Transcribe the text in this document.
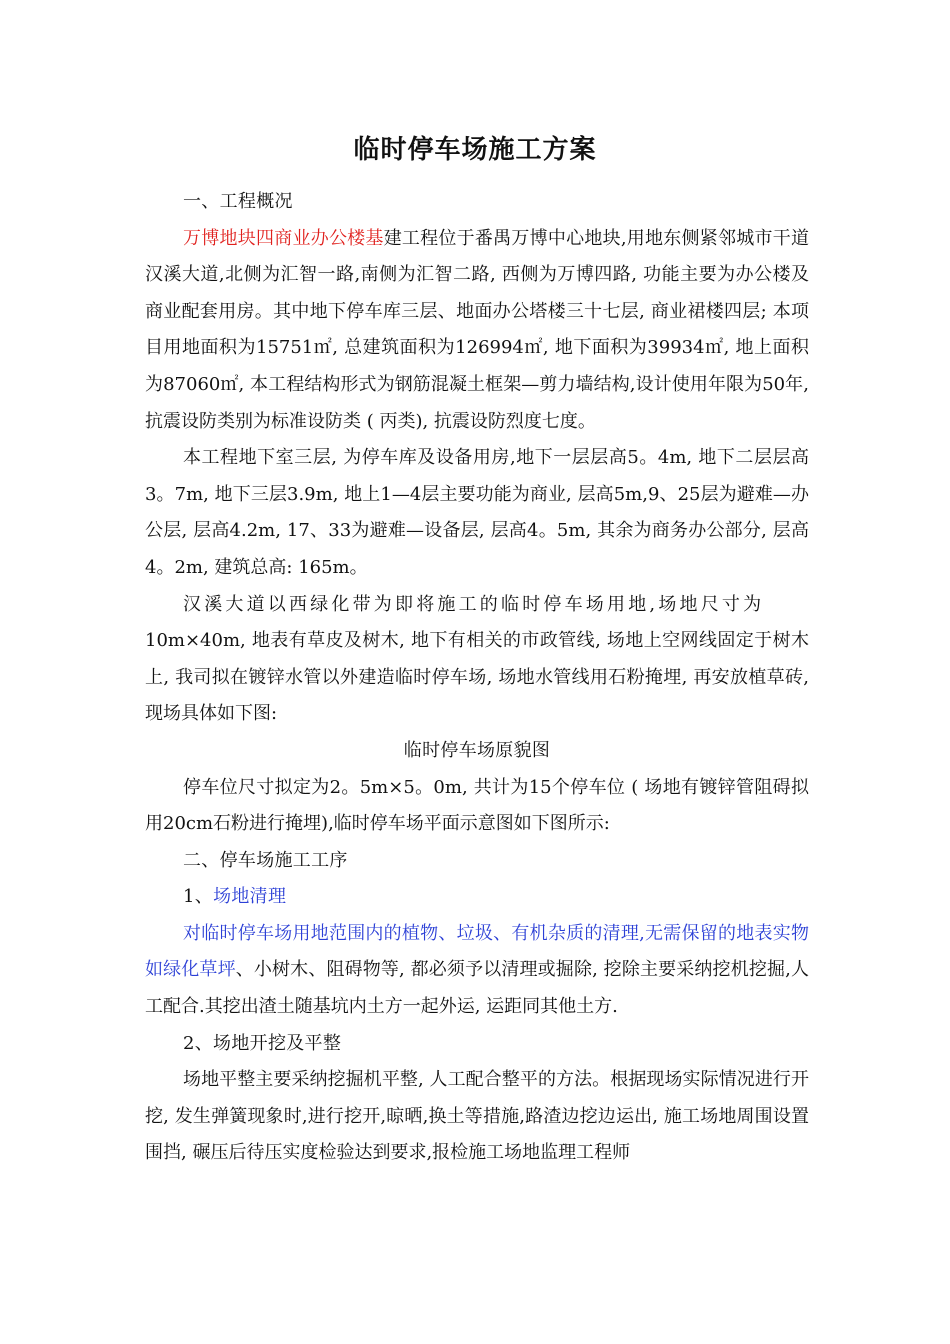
临时停车场施工方案

一、工程概况

万博地块四商业办公楼基建工程位于番禺万博中心地块,用地东侧紧邻城市干道汉溪大道,北侧为汇智一路,南侧为汇智二路, 西侧为万博四路, 功能主要为办公楼及商业配套用房。其中地下停车库三层、地面办公塔楼三十七层, 商业裙楼四层; 本项目用地面积为15751㎡, 总建筑面积为126994㎡, 地下面积为39934㎡, 地上面积为87060㎡, 本工程结构形式为钢筋混凝土框架—剪力墙结构,设计使用年限为50年,抗震设防类别为标准设防类 ( 丙类), 抗震设防烈度七度。

本工程地下室三层, 为停车库及设备用房,地下一层层高5。4m, 地下二层层高3。7m, 地下三层3.9m, 地上1—4层主要功能为商业, 层高5m,9、25层为避难—办公层, 层高4.2m, 17、33为避难—设备层, 层高4。5m, 其余为商务办公部分, 层高4。2m, 建筑总高: 165m。

汉溪大道以西绿化带为即将施工的临时停车场用地,场地尺寸为

10m×40m, 地表有草皮及树木, 地下有相关的市政管线, 场地上空网线固定于树木上, 我司拟在镀锌水管以外建造临时停车场, 场地水管线用石粉掩埋, 再安放植草砖, 现场具体如下图:

临时停车场原貌图

停车位尺寸拟定为2。5m×5。0m, 共计为15个停车位 ( 场地有镀锌管阻碍拟用20cm石粉进行掩埋),临时停车场平面示意图如下图所示:

二、停车场施工工序

1、场地清理

对临时停车场用地范围内的植物、垃圾、有机杂质的清理,无需保留的地表实物如绿化草坪、小树木、阻碍物等, 都必须予以清理或掘除, 挖除主要采纳挖机挖掘,人工配合.其挖出渣土随基坑内土方一起外运, 运距同其他土方.

2、场地开挖及平整

场地平整主要采纳挖掘机平整, 人工配合整平的方法。根据现场实际情况进行开挖, 发生弹簧现象时,进行挖开,晾晒,换土等措施,路渣边挖边运出, 施工场地周围设置围挡, 碾压后待压实度检验达到要求,报检施工场地监理工程师
